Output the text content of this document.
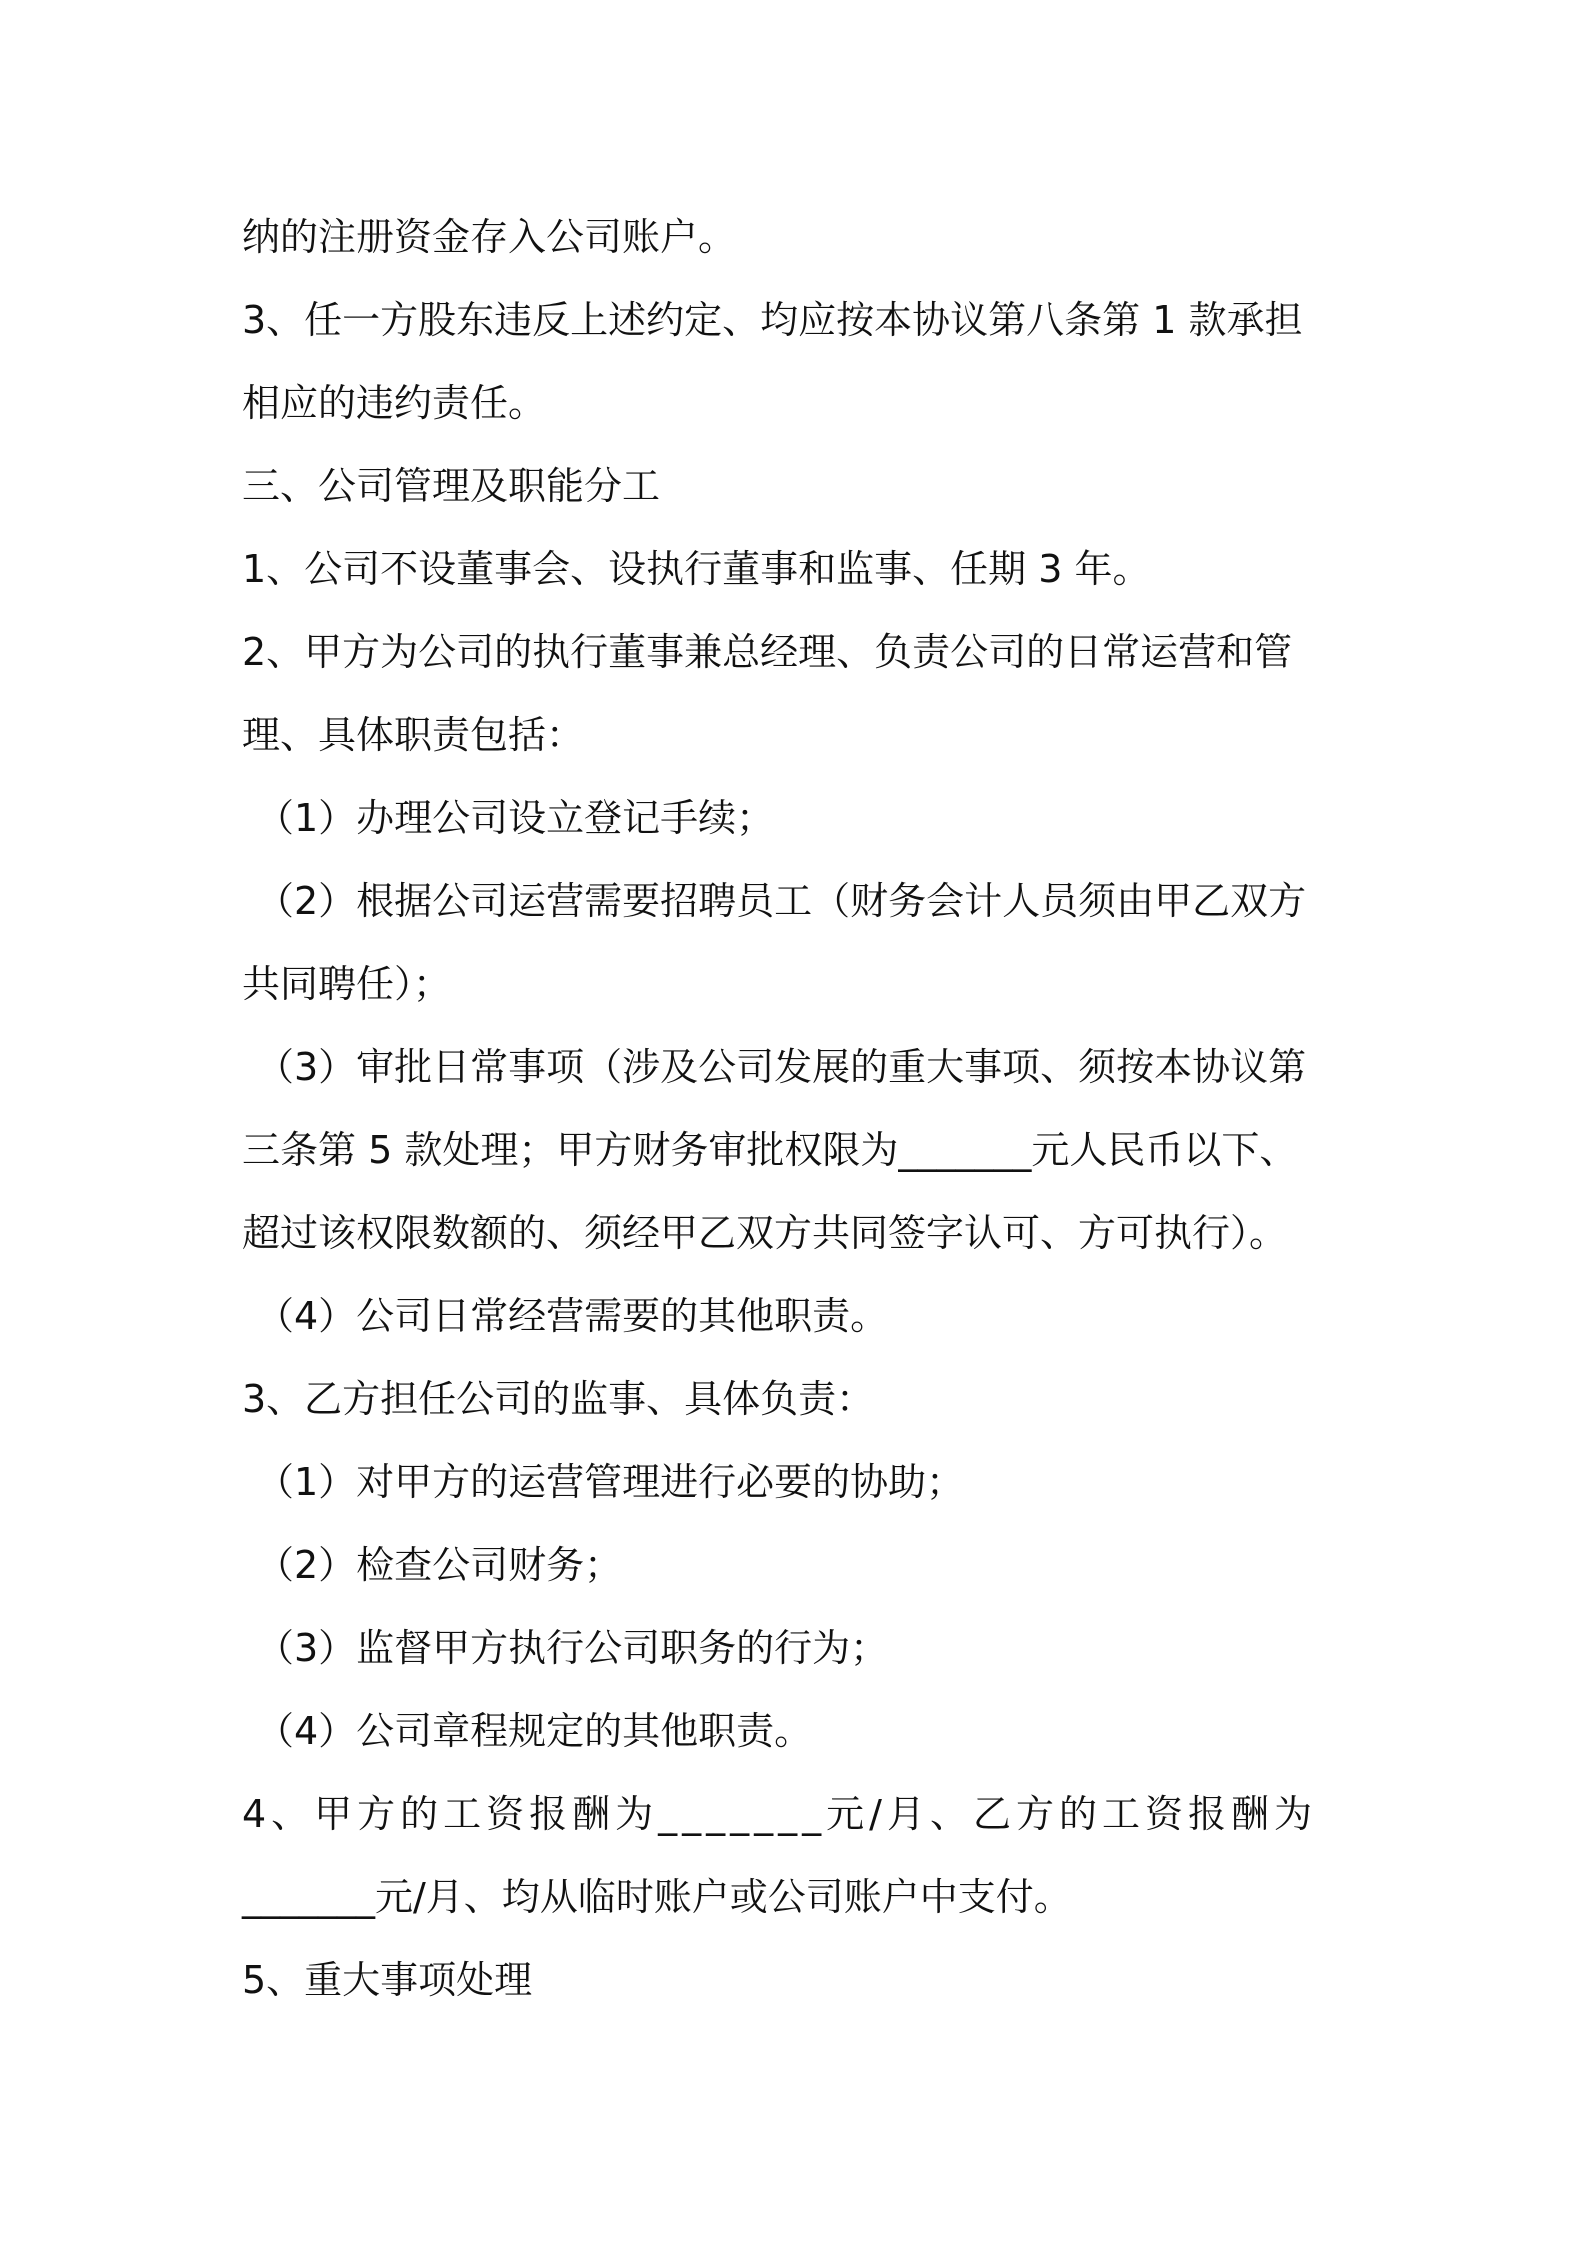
纳的注册资金存入公司账户。
3、任一方股东违反上述约定、均应按本协议第八条第 1 款承担
相应的违约责任。
三、公司管理及职能分工
1、公司不设董事会、设执行董事和监事、任期 3 年。
2、甲方为公司的执行董事兼总经理、负责公司的日常运营和管
理、具体职责包括：
（1）办理公司设立登记手续；
（2）根据公司运营需要招聘员工（财务会计人员须由甲乙双方
共同聘任）；
（3）审批日常事项（涉及公司发展的重大事项、须按本协议第
三条第 5 款处理；甲方财务审批权限为_______元人民币以下、
超过该权限数额的、须经甲乙双方共同签字认可、方可执行）。
（4）公司日常经营需要的其他职责。
3、乙方担任公司的监事、具体负责：
（1）对甲方的运营管理进行必要的协助；
（2）检查公司财务；
（3）监督甲方执行公司职务的行为；
（4）公司章程规定的其他职责。
4、甲方的工资报酬为_______元/月、乙方的工资报酬为
_______元/月、均从临时账户或公司账户中支付。
5、重大事项处理
